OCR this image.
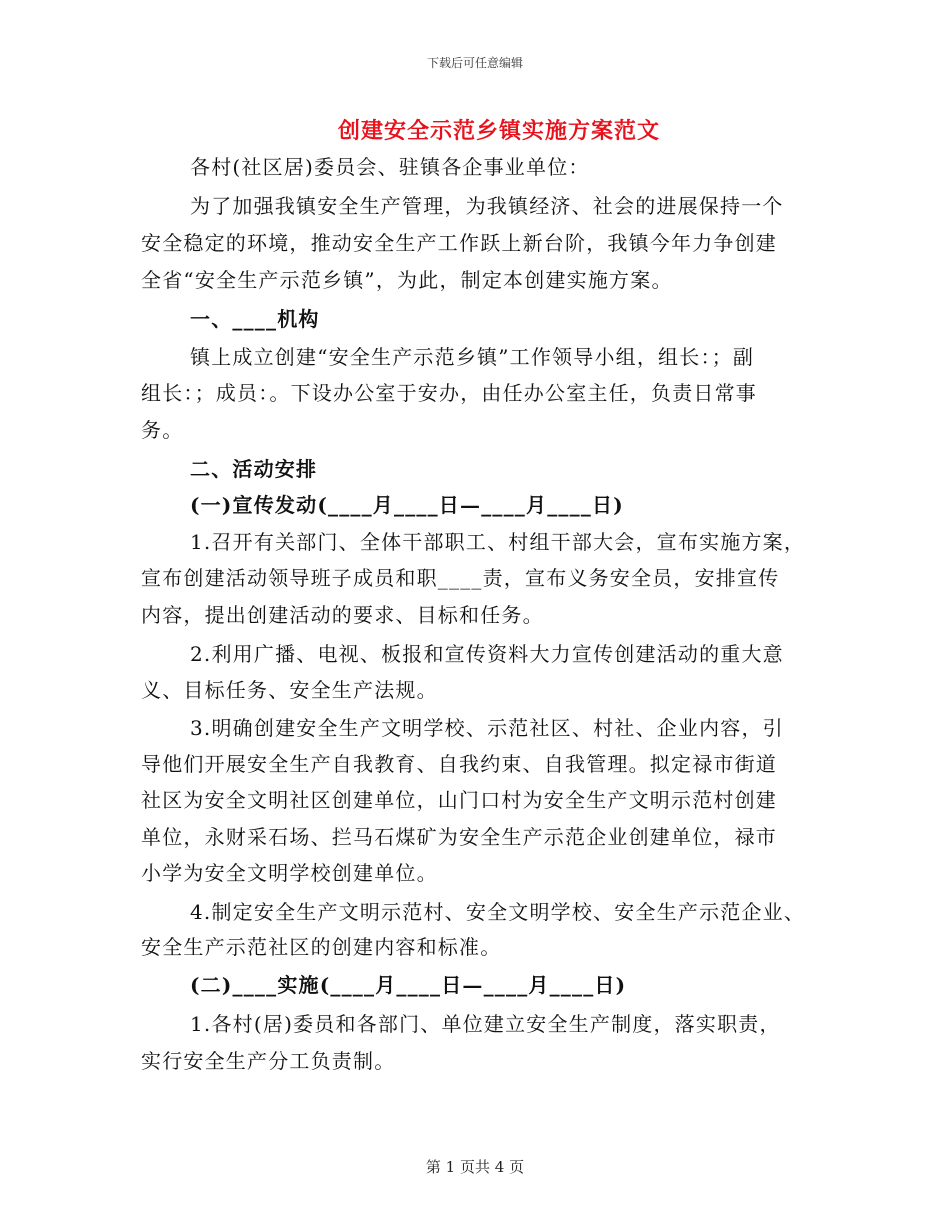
下载后可任意编辑
创建安全示范乡镇实施方案范文
各村(社区居)委员会、驻镇各企事业单位：
为了加强我镇安全生产管理，为我镇经济、社会的进展保持一个
安全稳定的环境，推动安全生产工作跃上新台阶，我镇今年力争创建
全省“安全生产示范乡镇”，为此，制定本创建实施方案。
一、____机构
镇上成立创建“安全生产示范乡镇”工作领导小组，组长：；副
组长：；成员：。下设办公室于安办，由任办公室主任，负责日常事
务。
二、活动安排
(一)宣传发动(____月____日—____月____日)
1.召开有关部门、全体干部职工、村组干部大会，宣布实施方案，
宣布创建活动领导班子成员和职____责，宣布义务安全员，安排宣传
内容，提出创建活动的要求、目标和任务。
2.利用广播、电视、板报和宣传资料大力宣传创建活动的重大意
义、目标任务、安全生产法规。
3.明确创建安全生产文明学校、示范社区、村社、企业内容，引
导他们开展安全生产自我教育、自我约束、自我管理。拟定禄市街道
社区为安全文明社区创建单位，山门口村为安全生产文明示范村创建
单位，永财采石场、拦马石煤矿为安全生产示范企业创建单位，禄市
小学为安全文明学校创建单位。
4.制定安全生产文明示范村、安全文明学校、安全生产示范企业、
安全生产示范社区的创建内容和标准。
(二)____实施(____月____日—____月____日)
1.各村(居)委员和各部门、单位建立安全生产制度，落实职责，
实行安全生产分工负责制。
第 1 页共 4 页
